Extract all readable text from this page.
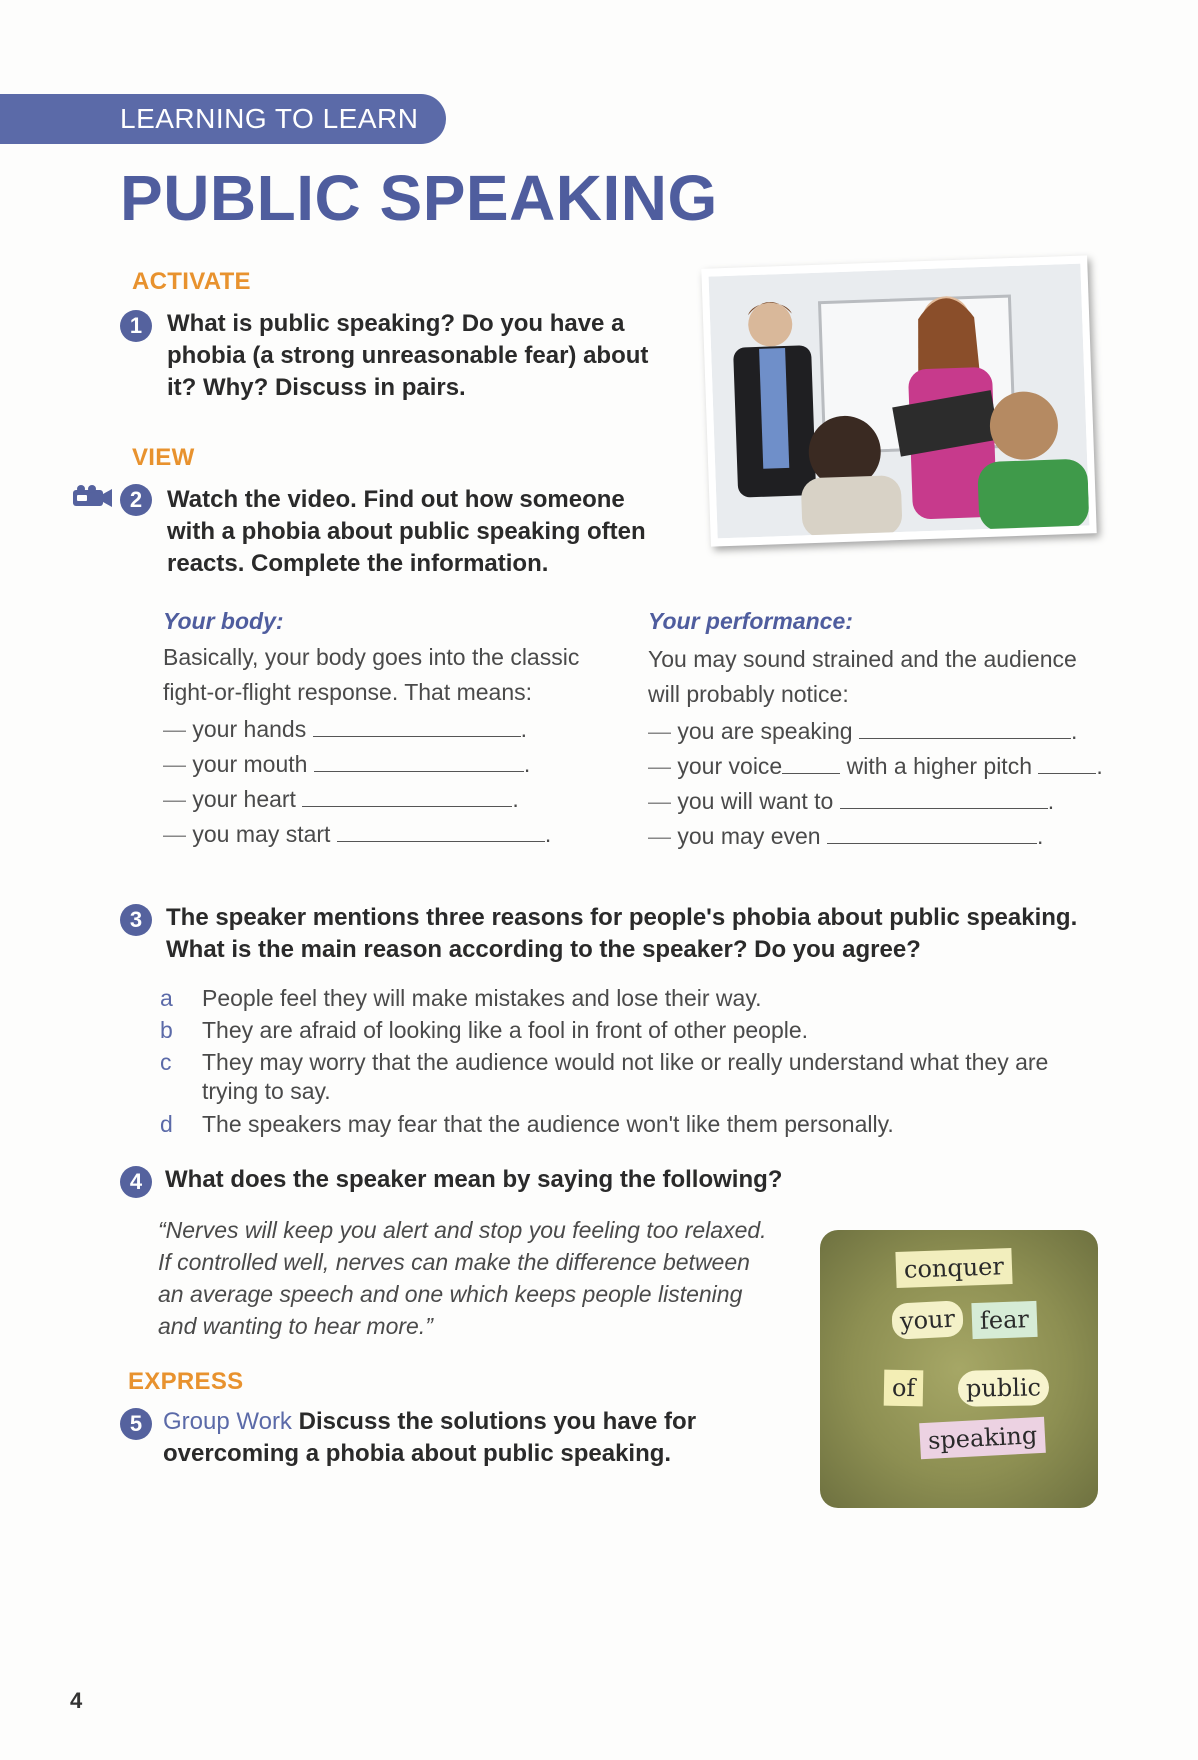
LEARNING TO LEARN
PUBLIC SPEAKING
ACTIVATE
1	What is public speaking? Do you have a
phobia (a strong unreasonable fear) about
it? Why? Discuss in pairs.
VIEW
2	Watch the video. Find out how someone
with a phobia about public speaking often
reacts. Complete the information.
Your body:
Basically, your body goes into the classic
fight-or-flight response. That means:
— your hands	.
— your mouth	.
— your heart	.
— you may start	.
Your performance:
You may sound strained and the audience
will probably notice:
— you are speaking	.
— your voice	with a higher pitch	.
— you will want to	.
— you may even	.
3 The speaker mentions three reasons for people's phobia about public speaking.
What is the main reason according to the speaker? Do you agree?
a	People feel they will make mistakes and lose their way.
b	They are afraid of looking like a fool in front of other people.
c	They may worry that the audience would not like or really understand what they are
trying to say.
d	The speakers may fear that the audience won't like them personally.
4 What does the speaker mean by saying the following?
“Nerves will keep you alert and stop you feeling too relaxed.
If controlled well, nerves can make the difference between
an average speech and one which keeps people listening
and wanting to hear more.”
conquer
your fear
of	public
speaking
EXPRESS
5 Group Work Discuss the solutions you have for
overcoming a phobia about public speaking.
4
